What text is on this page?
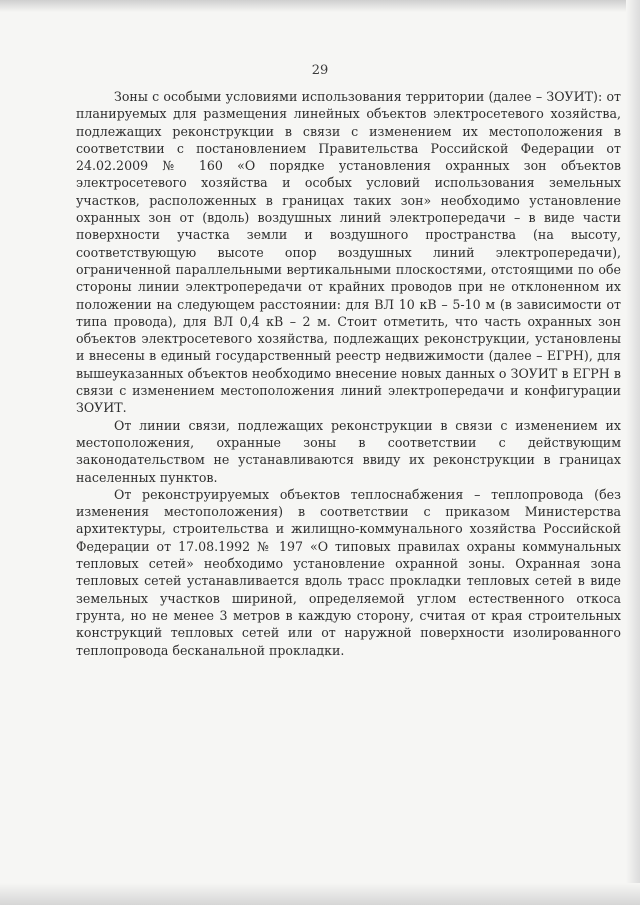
29

Зоны с особыми условиями использования территории (далее – ЗОУИТ): от планируемых для размещения линейных объектов электросетевого хозяйства, подлежащих реконструкции в связи с изменением их местоположения в соответствии с постановлением Правительства Российской Федерации от 24.02.2009 № 160 «О порядке установления охранных зон объектов электросетевого хозяйства и особых условий использования земельных участков, расположенных в границах таких зон» необходимо установление охранных зон от (вдоль) воздушных линий электропередачи – в виде части поверхности участка земли и воздушного пространства (на высоту, соответствующую высоте опор воздушных линий электропередачи), ограниченной параллельными вертикальными плоскостями, отстоящими по обе стороны линии электропередачи от крайних проводов при не отклоненном их положении на следующем расстоянии: для ВЛ 10 кВ – 5-10 м (в зависимости от типа провода), для ВЛ 0,4 кВ – 2 м. Стоит отметить, что часть охранных зон объектов электросетевого хозяйства, подлежащих реконструкции, установлены и внесены в единый государственный реестр недвижимости (далее – ЕГРН), для вышеуказанных объектов необходимо внесение новых данных о ЗОУИТ в ЕГРН в связи с изменением местоположения линий электропередачи и конфигурации ЗОУИТ.

От линии связи, подлежащих реконструкции в связи с изменением их местоположения, охранные зоны в соответствии с действующим законодательством не устанавливаются ввиду их реконструкции в границах населенных пунктов.

От реконструируемых объектов теплоснабжения – теплопровода (без изменения местоположения) в соответствии с приказом Министерства архитектуры, строительства и жилищно-коммунального хозяйства Российской Федерации от 17.08.1992 № 197 «О типовых правилах охраны коммунальных тепловых сетей» необходимо установление охранной зоны. Охранная зона тепловых сетей устанавливается вдоль трасс прокладки тепловых сетей в виде земельных участков шириной, определяемой углом естественного откоса грунта, но не менее 3 метров в каждую сторону, считая от края строительных конструкций тепловых сетей или от наружной поверхности изолированного теплопровода бесканальной прокладки.
